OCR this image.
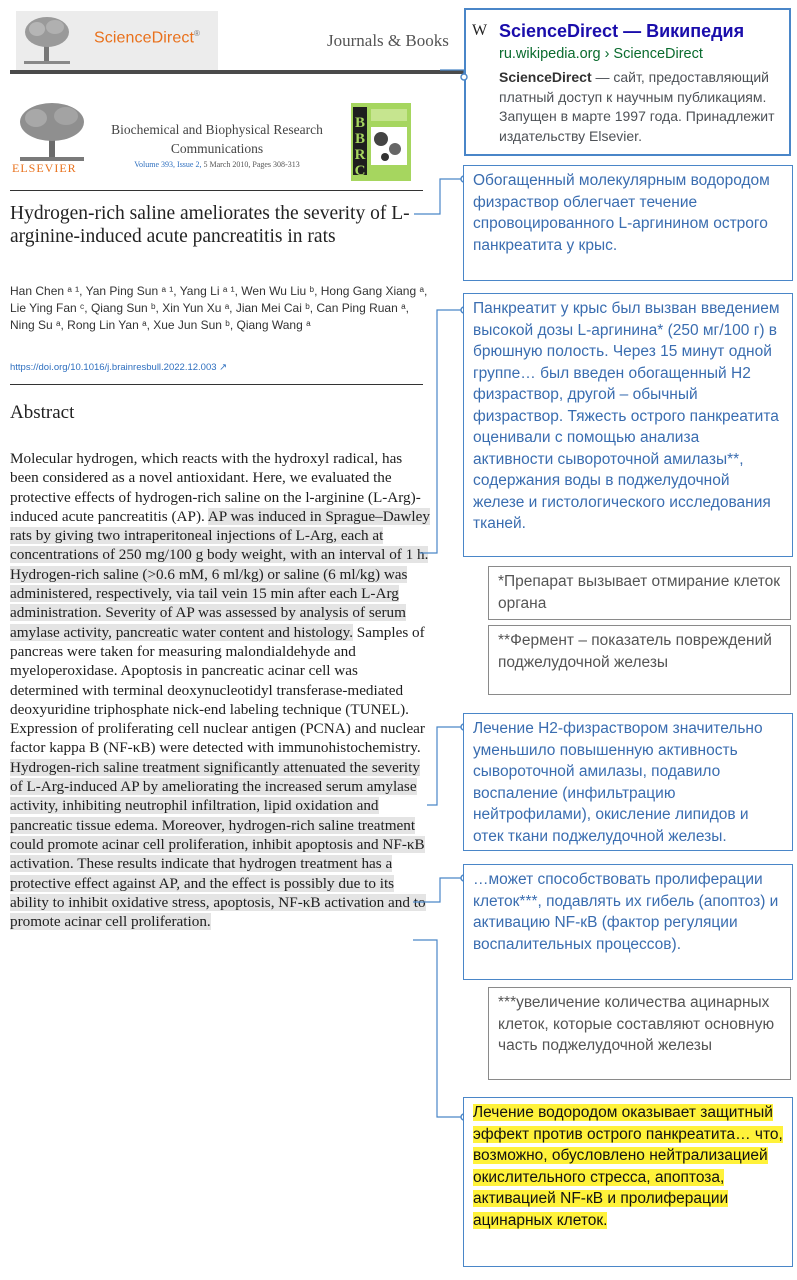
ScienceDirect®	Journals & Books
W ScienceDirect — Википедия
ru.wikipedia.org › ScienceDirect
ScienceDirect — сайт, предоставляющий платный доступ к научным публикациям. Запущен в марте 1997 года. Принадлежит издательству Elsevier.
ELSEVIER
Biochemical and Biophysical Research Communications
Volume 393, Issue 2, 5 March 2010, Pages 308-313
B
B
R
C
Hydrogen-rich saline ameliorates the severity of L-arginine-induced acute pancreatitis in rats
Han Chen ᵃ ¹, Yan Ping Sun ᵃ ¹, Yang Li ᵃ ¹, Wen Wu Liu ᵇ, Hong Gang Xiang ᵃ, Lie Ying Fan ᶜ, Qiang Sun ᵇ, Xin Yun Xu ᵃ, Jian Mei Cai ᵇ, Can Ping Ruan ᵃ, Ning Su ᵃ, Rong Lin Yan ᵃ, Xue Jun Sun ᵇ, Qiang Wang ᵃ
https://doi.org/10.1016/j.brainresbull.2022.12.003 ↗
Abstract
Molecular hydrogen, which reacts with the hydroxyl radical, has been considered as a novel antioxidant. Here, we evaluated the protective effects of hydrogen-rich saline on the l-arginine (L-Arg)-induced acute pancreatitis (AP). AP was induced in Sprague–Dawley rats by giving two intraperitoneal injections of L-Arg, each at concentrations of 250 mg/100 g body weight, with an interval of 1 h. Hydrogen-rich saline (>0.6 mM, 6 ml/kg) or saline (6 ml/kg) was administered, respectively, via tail vein 15 min after each L-Arg administration. Severity of AP was assessed by analysis of serum amylase activity, pancreatic water content and histology. Samples of pancreas were taken for measuring malondialdehyde and myeloperoxidase. Apoptosis in pancreatic acinar cell was determined with terminal deoxynucleotidyl transferase-mediated deoxyuridine triphosphate nick-end labeling technique (TUNEL). Expression of proliferating cell nuclear antigen (PCNA) and nuclear factor kappa B (NF-κB) were detected with immunohistochemistry. Hydrogen-rich saline treatment significantly attenuated the severity of L-Arg-induced AP by ameliorating the increased serum amylase activity, inhibiting neutrophil infiltration, lipid oxidation and pancreatic tissue edema. Moreover, hydrogen-rich saline treatment could promote acinar cell proliferation, inhibit apoptosis and NF-κB activation. These results indicate that hydrogen treatment has a protective effect against AP, and the effect is possibly due to its ability to inhibit oxidative stress, apoptosis, NF-κB activation and to promote acinar cell proliferation.
Обогащенный молекулярным водородом физраствор облегчает течение спровоцированного L-аргинином острого панкреатита у крыс.
Панкреатит у крыс был вызван введением высокой дозы L-аргинина* (250 мг/100 г) в брюшную полость. Через 15 минут одной группе… был введен обогащенный H2 физраствор, другой – обычный физраствор. Тяжесть острого панкреатита оценивали с помощью анализа активности сывороточной амилазы**, содержания воды в поджелудочной железе и гистологического исследования тканей.
*Препарат вызывает отмирание клеток органа
**Фермент – показатель повреждений поджелудочной железы
Лечение H2-физраствором значительно уменьшило повышенную активность сывороточной амилазы, подавило воспаление (инфильтрацию нейтрофилами), окисление липидов и отек ткани поджелудочной железы.
…может способствовать пролиферации клеток***, подавлять их гибель (апоптоз) и активацию NF-кВ (фактор регуляции воспалительных процессов).
***увеличение количества ацинарных клеток, которые составляют основную часть поджелудочной железы
Лечение водородом оказывает защитный эффект против острого панкреатита… что, возможно, обусловлено нейтрализацией окислительного стресса, апоптоза, активацией NF-кВ и пролиферации ацинарных клеток.
